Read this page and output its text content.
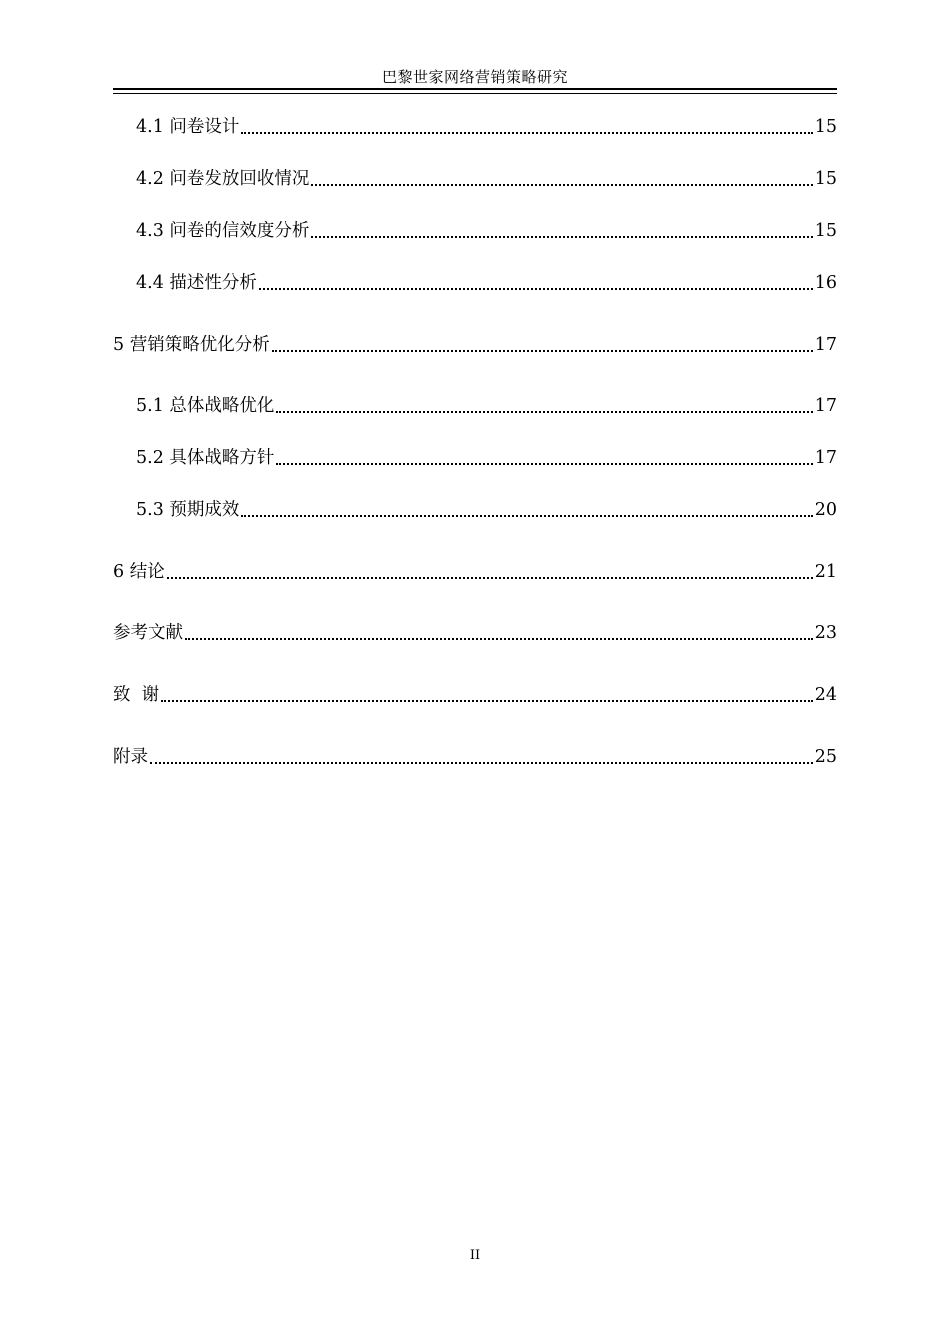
巴黎世家网络营销策略研究
4.1 问卷设计	15
4.2 问卷发放回收情况	15
4.3 问卷的信效度分析	15
4.4 描述性分析	16
5 营销策略优化分析	17
5.1 总体战略优化	17
5.2 具体战略方针	17
5.3 预期成效	20
6 结论	21
参考文献	23
致  谢	24
附录	25
II
